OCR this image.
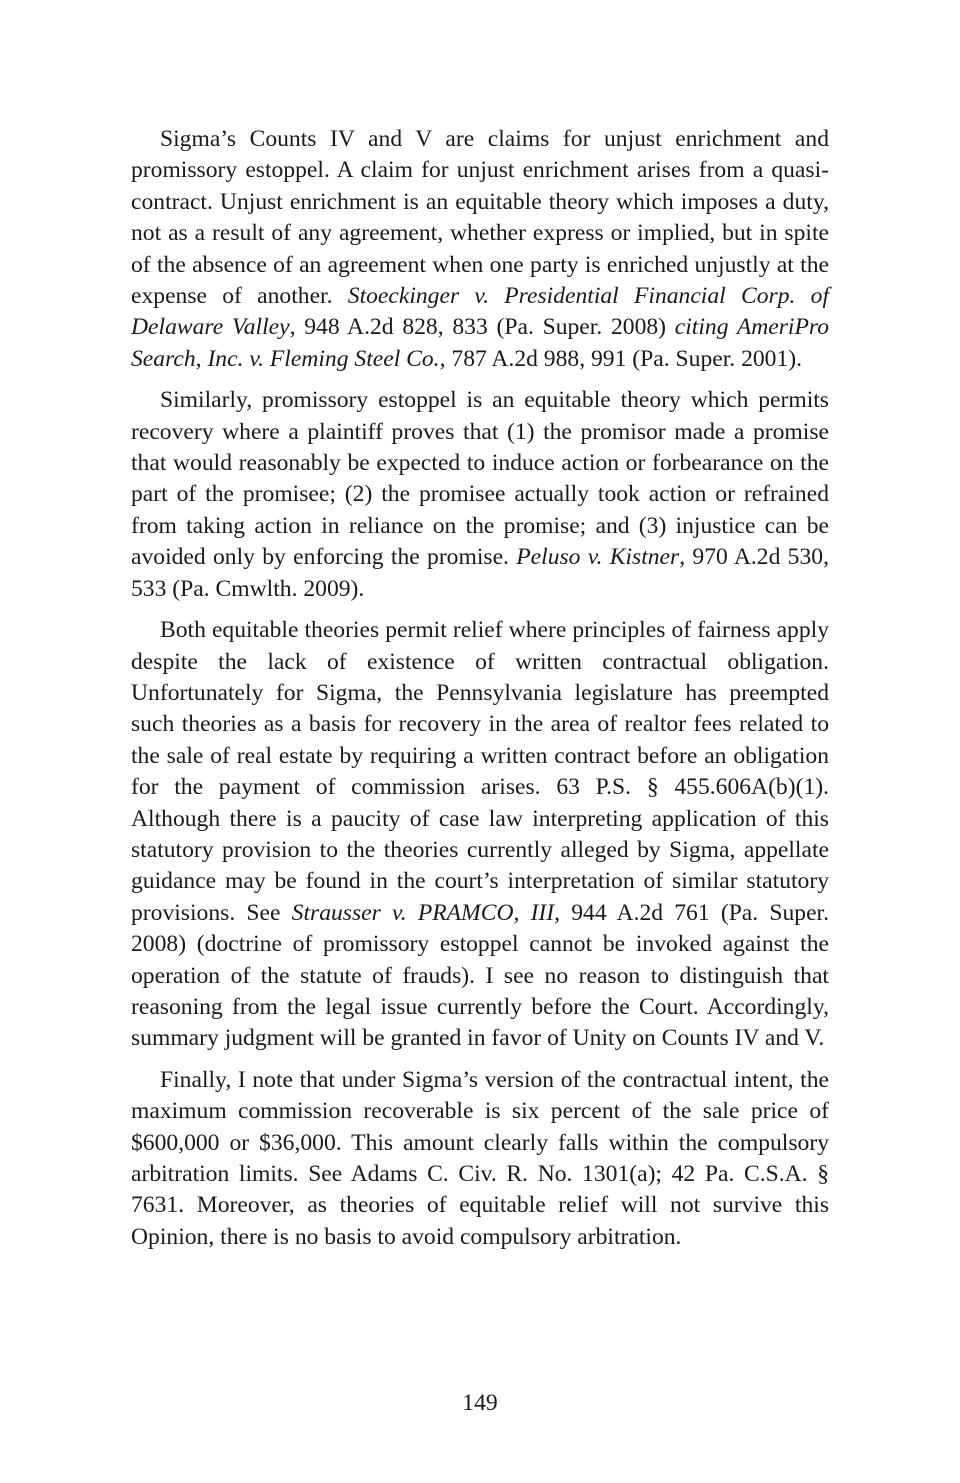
Sigma’s Counts IV and V are claims for unjust enrichment and promissory estoppel. A claim for unjust enrichment arises from a quasi-contract. Unjust enrichment is an equitable theory which imposes a duty, not as a result of any agreement, whether express or implied, but in spite of the absence of an agreement when one party is enriched unjustly at the expense of another. Stoeckinger v. Presidential Financial Corp. of Delaware Valley, 948 A.2d 828, 833 (Pa. Super. 2008) citing AmeriPro Search, Inc. v. Fleming Steel Co., 787 A.2d 988, 991 (Pa. Super. 2001).

Similarly, promissory estoppel is an equitable theory which permits recovery where a plaintiff proves that (1) the promisor made a promise that would reasonably be expected to induce action or forbearance on the part of the promisee; (2) the promisee actually took action or refrained from taking action in reliance on the promise; and (3) injustice can be avoided only by enforcing the promise. Peluso v. Kistner, 970 A.2d 530, 533 (Pa. Cmwlth. 2009).

Both equitable theories permit relief where principles of fairness apply despite the lack of existence of written contractual obligation. Unfortunately for Sigma, the Pennsylvania legislature has preempted such theories as a basis for recovery in the area of realtor fees related to the sale of real estate by requiring a written contract before an obligation for the payment of commission arises. 63 P.S. § 455.606A(b)(1). Although there is a paucity of case law interpreting application of this statutory provision to the theories currently alleged by Sigma, appellate guidance may be found in the court’s interpretation of similar statutory provisions. See Strausser v. PRAMCO, III, 944 A.2d 761 (Pa. Super. 2008) (doctrine of promissory estoppel cannot be invoked against the operation of the statute of frauds). I see no reason to distinguish that reasoning from the legal issue currently before the Court. Accordingly, summary judgment will be granted in favor of Unity on Counts IV and V.

Finally, I note that under Sigma’s version of the contractual intent, the maximum commission recoverable is six percent of the sale price of $600,000 or $36,000. This amount clearly falls within the compulsory arbitration limits. See Adams C. Civ. R. No. 1301(a); 42 Pa. C.S.A. § 7631. Moreover, as theories of equitable relief will not survive this Opinion, there is no basis to avoid compulsory arbitration.

149
